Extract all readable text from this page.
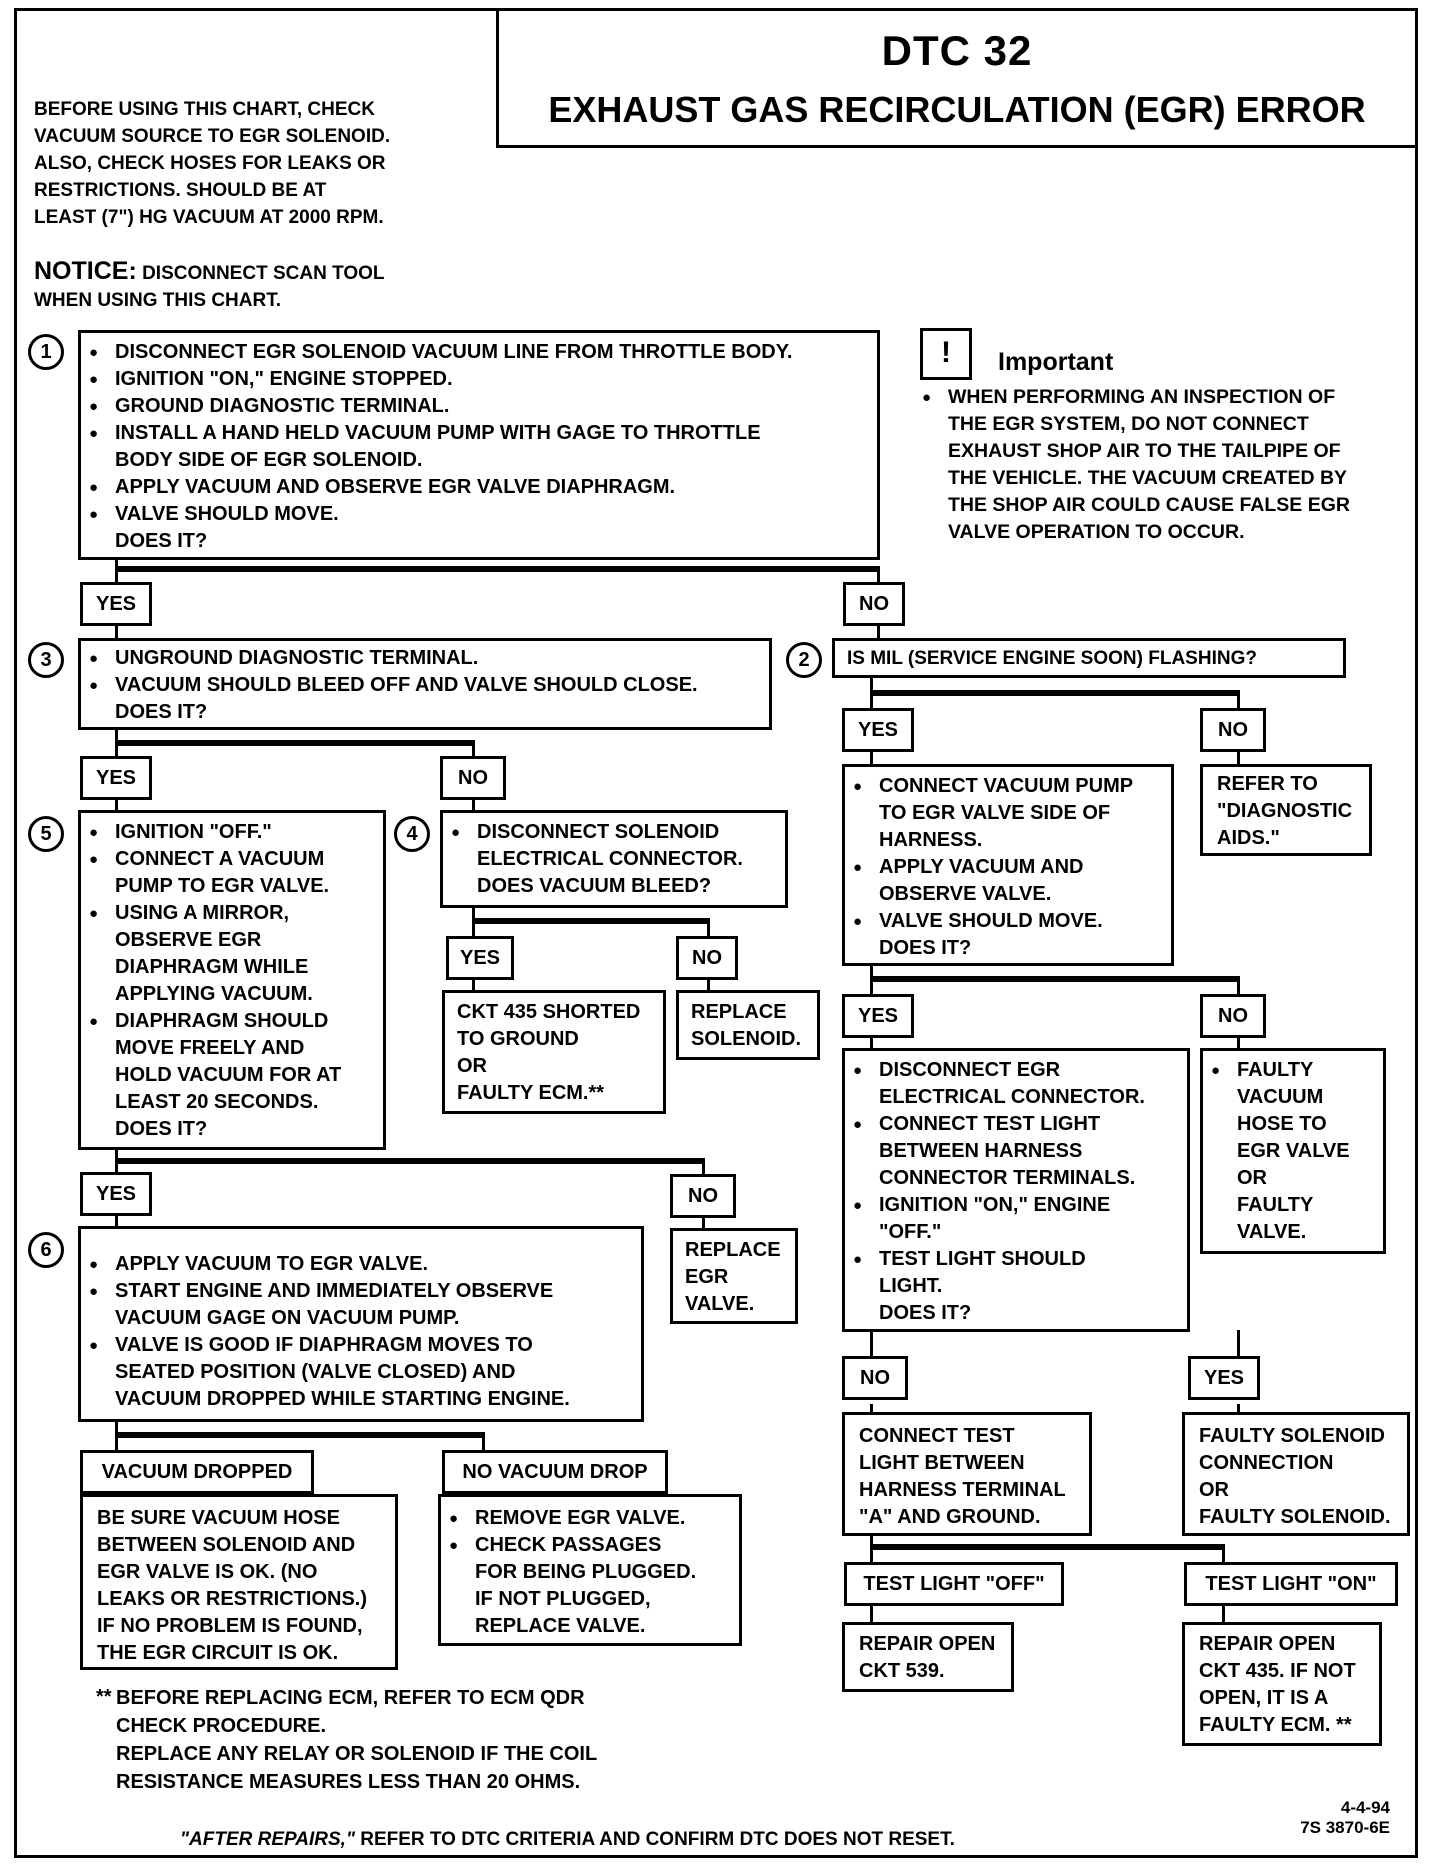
DTC 32
EXHAUST GAS RECIRCULATION (EGR) ERROR
BEFORE USING THIS CHART, CHECK
VACUUM SOURCE TO EGR SOLENOID.
ALSO, CHECK HOSES FOR LEAKS OR
RESTRICTIONS. SHOULD BE AT
LEAST (7") HG VACUUM AT 2000 RPM.
NOTICE: DISCONNECT SCAN TOOL
WHEN USING THIS CHART.
!	Important
● WHEN PERFORMING AN INSPECTION OF
THE EGR SYSTEM, DO NOT CONNECT
EXHAUST SHOP AIR TO THE TAILPIPE OF
THE VEHICLE. THE VACUUM CREATED BY
THE SHOP AIR COULD CAUSE FALSE EGR
VALVE OPERATION TO OCCUR.
1	● DISCONNECT EGR SOLENOID VACUUM LINE FROM THROTTLE BODY.
● IGNITION "ON," ENGINE STOPPED.
● GROUND DIAGNOSTIC TERMINAL.
● INSTALL A HAND HELD VACUUM PUMP WITH GAGE TO THROTTLE
BODY SIDE OF EGR SOLENOID.
● APPLY VACUUM AND OBSERVE EGR VALVE DIAPHRAGM.
● VALVE SHOULD MOVE.
DOES IT?
YES	NO
3	● UNGROUND DIAGNOSTIC TERMINAL.
● VACUUM SHOULD BLEED OFF AND VALVE SHOULD CLOSE.
DOES IT?
2	IS MIL (SERVICE ENGINE SOON) FLASHING?
YES	NO
YES	NO
5	● IGNITION "OFF."
● CONNECT A VACUUM
PUMP TO EGR VALVE.
● USING A MIRROR,
OBSERVE EGR
DIAPHRAGM WHILE
APPLYING VACUUM.
● DIAPHRAGM SHOULD
MOVE FREELY AND
HOLD VACUUM FOR AT
LEAST 20 SECONDS.
DOES IT?
4	● DISCONNECT SOLENOID
ELECTRICAL CONNECTOR.
DOES VACUUM BLEED?
● CONNECT VACUUM PUMP
TO EGR VALVE SIDE OF
HARNESS.
● APPLY VACUUM AND
OBSERVE VALVE.
● VALVE SHOULD MOVE.
DOES IT?
REFER TO
"DIAGNOSTIC
AIDS."
YES	NO
CKT 435 SHORTED
TO GROUND
OR
FAULTY ECM.**
REPLACE
SOLENOID.
YES	NO
● DISCONNECT EGR
ELECTRICAL CONNECTOR.
● CONNECT TEST LIGHT
BETWEEN HARNESS
CONNECTOR TERMINALS.
● IGNITION "ON," ENGINE
"OFF."
● TEST LIGHT SHOULD
LIGHT.
DOES IT?
● FAULTY
VACUUM
HOSE TO
EGR VALVE
OR
FAULTY
VALVE.
YES	NO
REPLACE
EGR
VALVE.
6
● APPLY VACUUM TO EGR VALVE.
● START ENGINE AND IMMEDIATELY OBSERVE
VACUUM GAGE ON VACUUM PUMP.
● VALVE IS GOOD IF DIAPHRAGM MOVES TO
SEATED POSITION (VALVE CLOSED) AND
VACUUM DROPPED WHILE STARTING ENGINE.
NO	YES
CONNECT TEST
LIGHT BETWEEN
HARNESS TERMINAL
"A" AND GROUND.
FAULTY SOLENOID
CONNECTION
OR
FAULTY SOLENOID.
VACUUM DROPPED	NO VACUUM DROP
BE SURE VACUUM HOSE
BETWEEN SOLENOID AND
EGR VALVE IS OK. (NO
LEAKS OR RESTRICTIONS.)
IF NO PROBLEM IS FOUND,
THE EGR CIRCUIT IS OK.
● REMOVE EGR VALVE.
● CHECK PASSAGES
FOR BEING PLUGGED.
IF NOT PLUGGED,
REPLACE VALVE.
TEST LIGHT "OFF"	TEST LIGHT "ON"
REPAIR OPEN
CKT 539.
REPAIR OPEN
CKT 435. IF NOT
OPEN, IT IS A
FAULTY ECM. **
** BEFORE REPLACING ECM, REFER TO ECM QDR
CHECK PROCEDURE.
REPLACE ANY RELAY OR SOLENOID IF THE COIL
RESISTANCE MEASURES LESS THAN 20 OHMS.
4-4-94
7S 3870-6E
"AFTER REPAIRS," REFER TO DTC CRITERIA AND CONFIRM DTC DOES NOT RESET.
